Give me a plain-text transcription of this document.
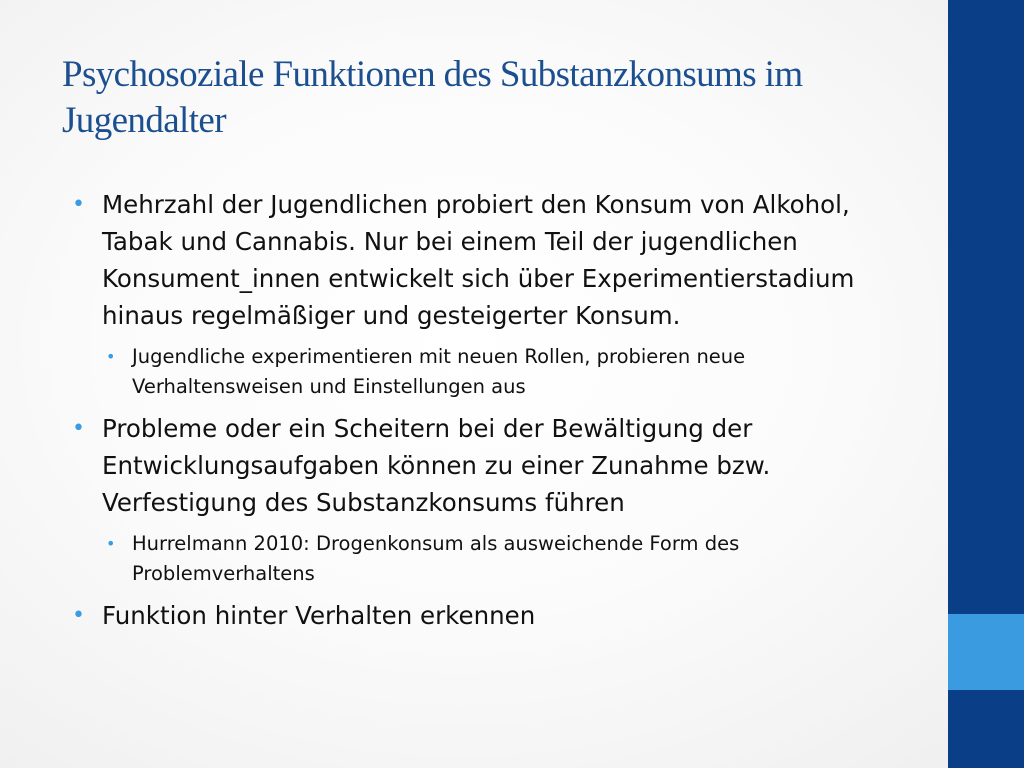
Psychosoziale Funktionen des Substanzkonsums im Jugendalter
• Mehrzahl der Jugendlichen probiert den Konsum von Alkohol, Tabak und Cannabis. Nur bei einem Teil der jugendlichen Konsument_innen entwickelt sich über Experimentierstadium hinaus regelmäßiger und gesteigerter Konsum.
• Jugendliche experimentieren mit neuen Rollen, probieren neue Verhaltensweisen und Einstellungen aus
• Probleme oder ein Scheitern bei der Bewältigung der Entwicklungsaufgaben können zu einer Zunahme bzw. Verfestigung des Substanzkonsums führen
• Hurrelmann 2010: Drogenkonsum als ausweichende Form des Problemverhaltens
• Funktion hinter Verhalten erkennen
